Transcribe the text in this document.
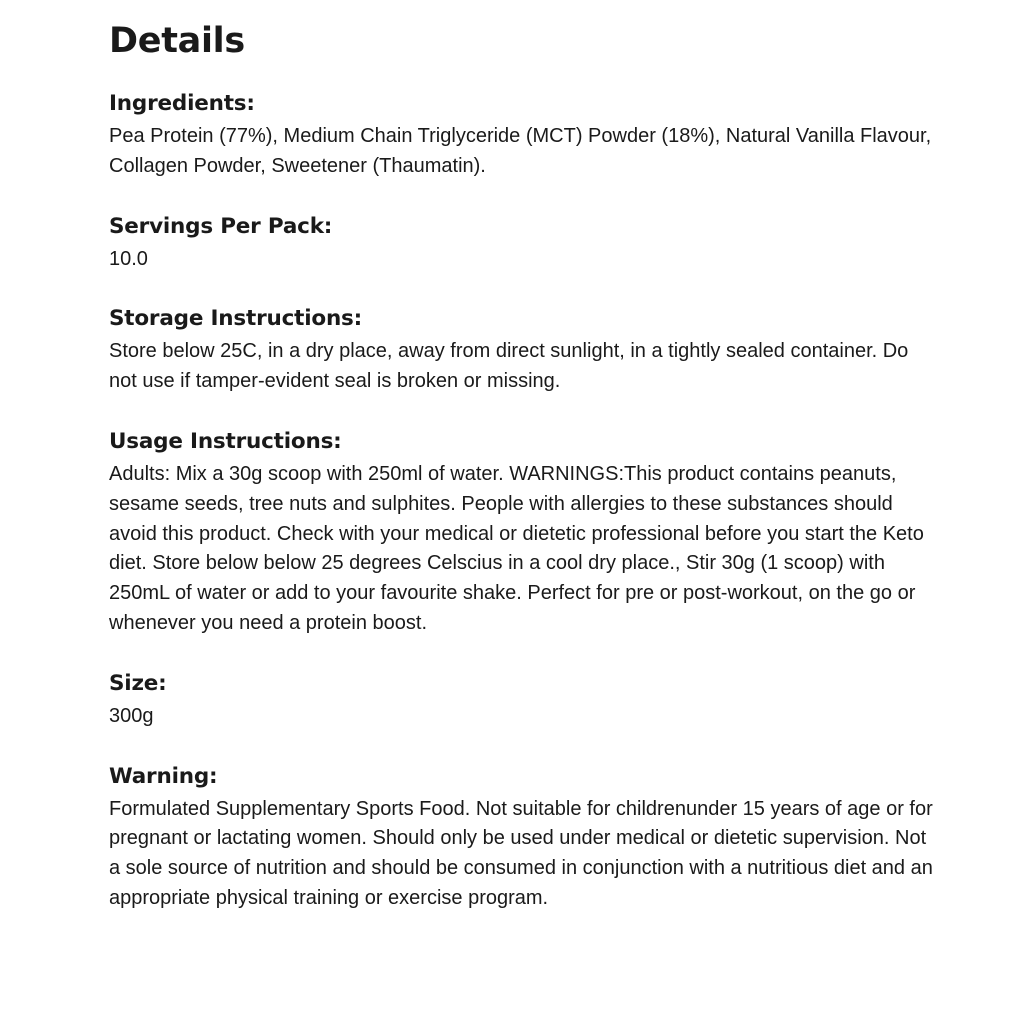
Details
Ingredients:
Pea Protein (77%), Medium Chain Triglyceride (MCT) Powder (18%), Natural Vanilla Flavour, Collagen Powder, Sweetener (Thaumatin).
Servings Per Pack:
10.0
Storage Instructions:
Store below 25C, in a dry place, away from direct sunlight, in a tightly sealed container. Do not use if tamper-evident seal is broken or missing.
Usage Instructions:
Adults: Mix a 30g scoop with 250ml of water. WARNINGS:This product contains peanuts, sesame seeds, tree nuts and sulphites. People with allergies to these substances should avoid this product. Check with your medical or dietetic professional before you start the Keto diet. Store below below 25 degrees Celscius in a cool dry place., Stir 30g (1 scoop) with 250mL of water or add to your favourite shake. Perfect for pre or post-workout, on the go or whenever you need a protein boost.
Size:
300g
Warning:
Formulated Supplementary Sports Food. Not suitable for childrenunder 15 years of age or for pregnant or lactating women. Should only be used under medical or dietetic supervision. Not a sole source of nutrition and should be consumed in conjunction with a nutritious diet and an appropriate physical training or exercise program.
